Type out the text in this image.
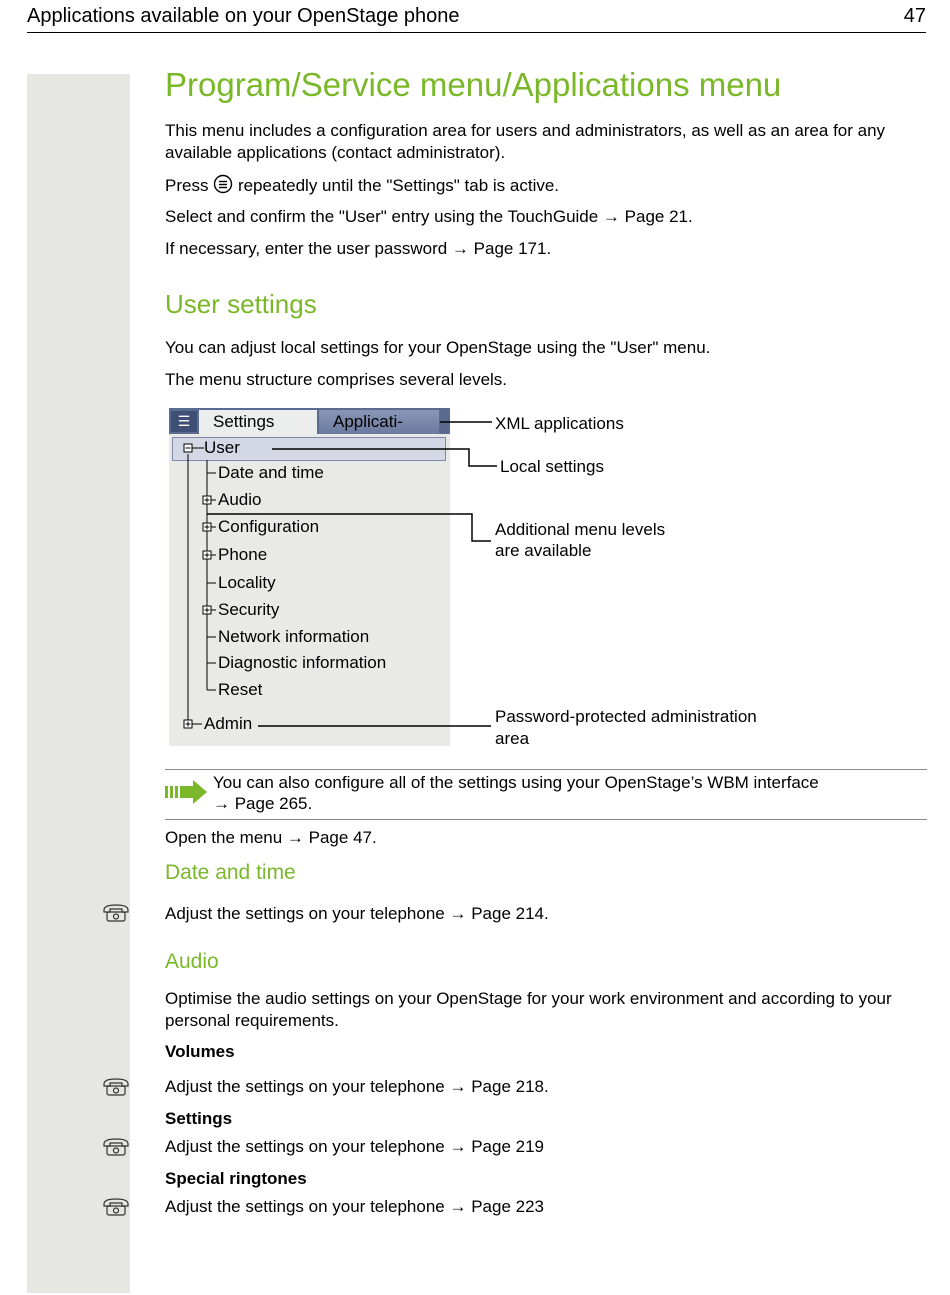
Applications available on your OpenStage phone	47
Program/Service menu/Applications menu
This menu includes a configuration area for users and administrators, as well as an area for any available applications (contact administrator).
Press repeatedly until the "Settings" tab is active.
Select and confirm the "User" entry using the TouchGuide → Page 21.
If necessary, enter the user password → Page 171.
User settings
You can adjust local settings for your OpenStage using the "User" menu.
The menu structure comprises several levels.
☰	Settings	Applicati-
User
Date and time
Audio
Configuration
Phone
Locality
Security
Network information
Diagnostic information
Reset
Admin
XML applications
Local settings
Additional menu levels
are available
Password-protected administration
area
You can also configure all of the settings using your OpenStage’s WBM interface
→ Page 265.
Open the menu → Page 47.
Date and time
Adjust the settings on your telephone → Page 214.
Audio
Optimise the audio settings on your OpenStage for your work environment and according to your personal requirements.
Volumes
Adjust the settings on your telephone → Page 218.
Settings
Adjust the settings on your telephone → Page 219
Special ringtones
Adjust the settings on your telephone → Page 223
